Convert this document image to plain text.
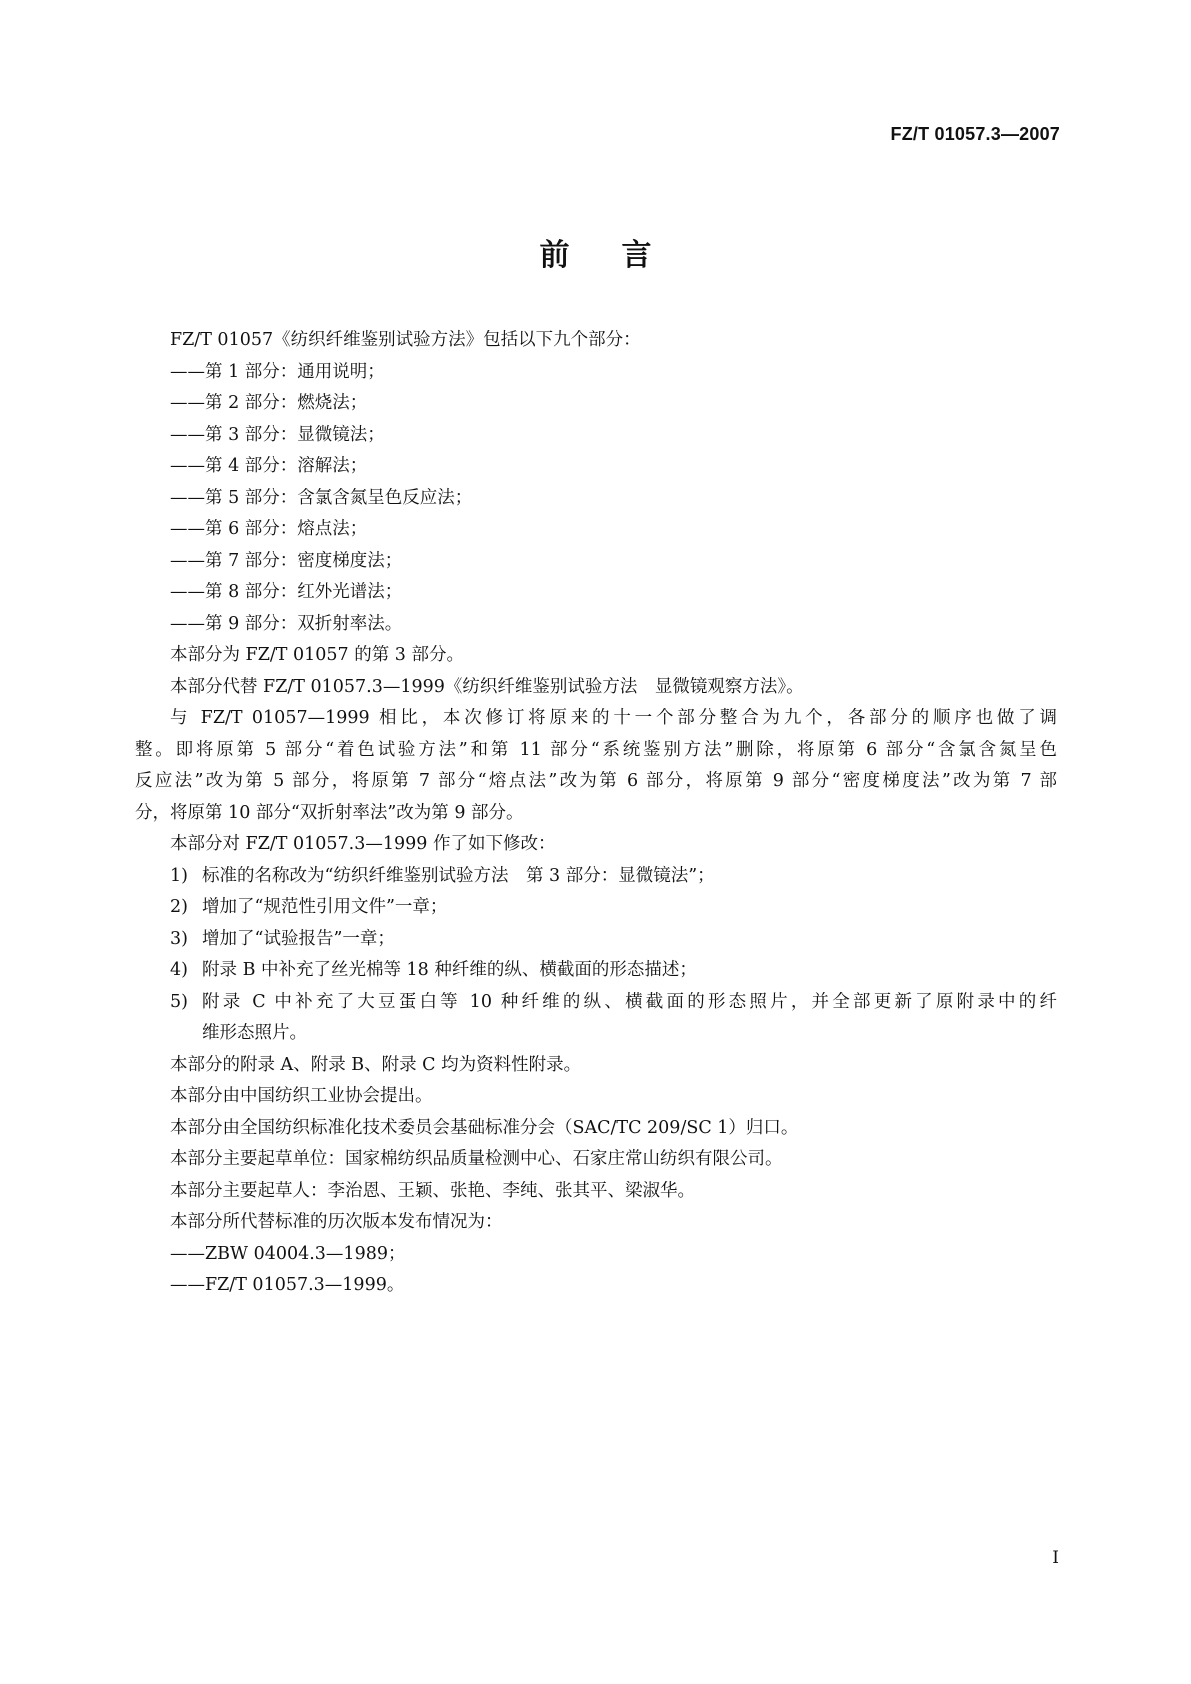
FZ/T 01057.3—2007
前言
FZ/T 01057《纺织纤维鉴别试验方法》包括以下九个部分：
——第 1 部分：通用说明；
——第 2 部分：燃烧法；
——第 3 部分：显微镜法；
——第 4 部分：溶解法；
——第 5 部分：含氯含氮呈色反应法；
——第 6 部分：熔点法；
——第 7 部分：密度梯度法；
——第 8 部分：红外光谱法；
——第 9 部分：双折射率法。
本部分为 FZ/T 01057 的第 3 部分。
本部分代替 FZ/T 01057.3—1999《纺织纤维鉴别试验方法　显微镜观察方法》。
与 FZ/T 01057—1999 相比，本次修订将原来的十一个部分整合为九个，各部分的顺序也做了调
整。即将原第 5 部分“着色试验方法”和第 11 部分“系统鉴别方法”删除，将原第 6 部分“含氯含氮呈色
反应法”改为第 5 部分，将原第 7 部分“熔点法”改为第 6 部分，将原第 9 部分“密度梯度法”改为第 7 部
分，将原第 10 部分“双折射率法”改为第 9 部分。
本部分对 FZ/T 01057.3—1999 作了如下修改：
1) 标准的名称改为“纺织纤维鉴别试验方法　第 3 部分：显微镜法”；
2) 增加了“规范性引用文件”一章；
3) 增加了“试验报告”一章；
4) 附录 B 中补充了丝光棉等 18 种纤维的纵、横截面的形态描述；
5) 附录 C 中补充了大豆蛋白等 10 种纤维的纵、横截面的形态照片，并全部更新了原附录中的纤
维形态照片。
本部分的附录 A、附录 B、附录 C 均为资料性附录。
本部分由中国纺织工业协会提出。
本部分由全国纺织标准化技术委员会基础标准分会（SAC/TC 209/SC 1）归口。
本部分主要起草单位：国家棉纺织品质量检测中心、石家庄常山纺织有限公司。
本部分主要起草人：李治恩、王颖、张艳、李纯、张其平、梁淑华。
本部分所代替标准的历次版本发布情况为：
——ZBW 04004.3—1989；
——FZ/T 01057.3—1999。
I
